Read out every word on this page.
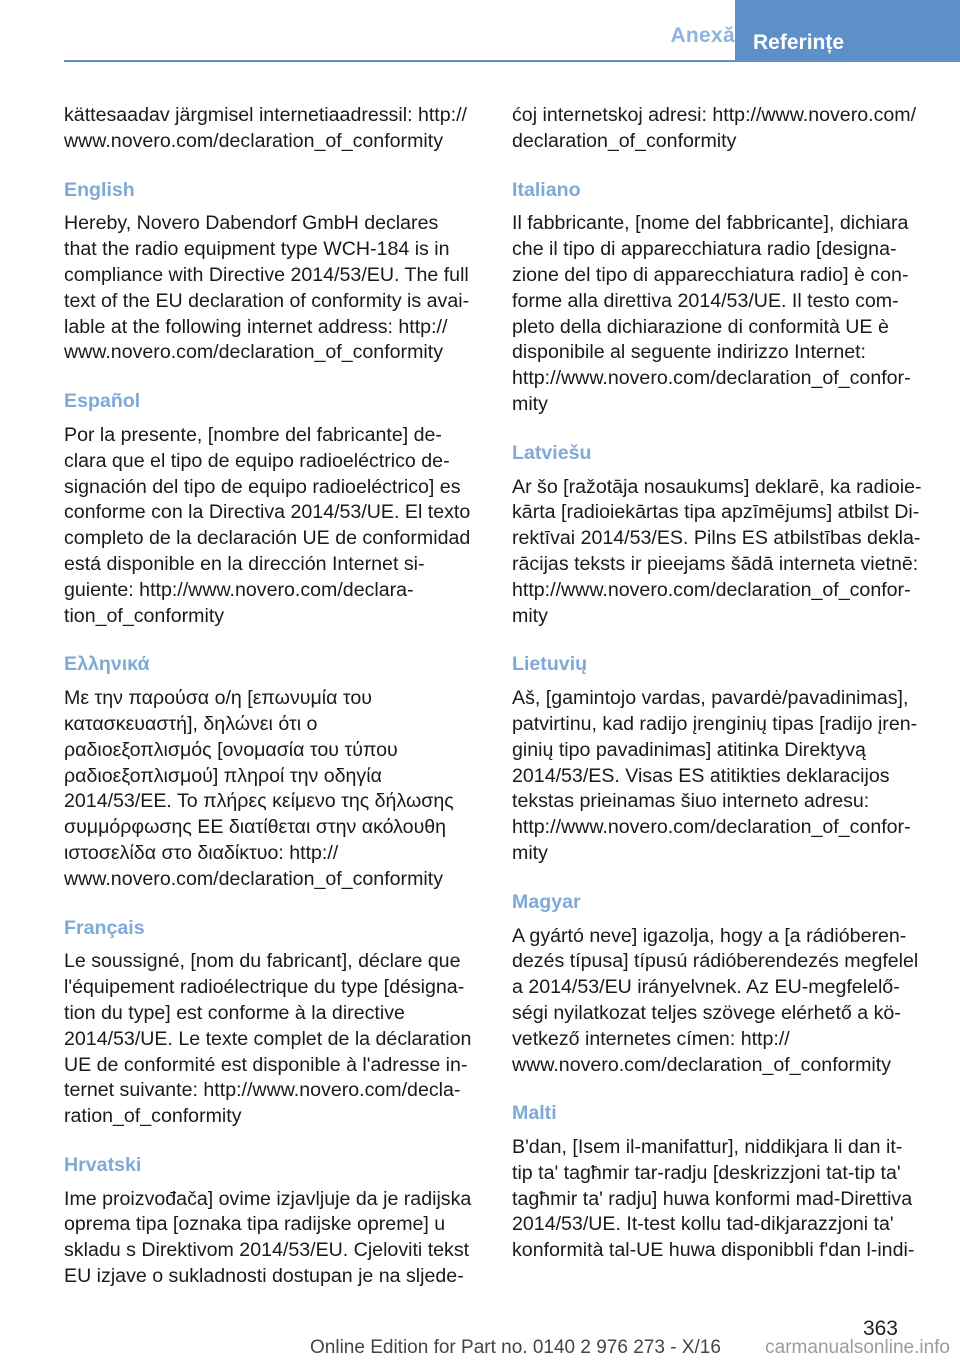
Anexă Referințe

kättesaadav järgmisel internetiaadressil: http://
www.novero.com/declaration_of_conformity

English

Hereby, Novero Dabendorf GmbH declares
that the radio equipment type WCH-184 is in
compliance with Directive 2014/53/EU. The full
text of the EU declaration of conformity is avai-
lable at the following internet address: http://
www.novero.com/declaration_of_conformity

Español

Por la presente, [nombre del fabricante] de-
clara que el tipo de equipo radioeléctrico de-
signación del tipo de equipo radioeléctrico] es
conforme con la Directiva 2014/53/UE. El texto
completo de la declaración UE de conformidad
está disponible en la dirección Internet si-
guiente: http://www.novero.com/declara-
tion_of_conformity

Ελληνικά

Με την παρούσα ο/η [επωνυμία του
κατασκευαστή], δηλώνει ότι ο
ραδιοεξοπλισμός [ονομασία του τύπου
ραδιοεξοπλισμού] πληροί την οδηγία
2014/53/ΕΕ. Το πλήρες κείμενο της δήλωσης
συμμόρφωσης ΕΕ διατίθεται στην ακόλουθη
ιστοσελίδα στο διαδίκτυο: http://
www.novero.com/declaration_of_conformity

Français

Le soussigné, [nom du fabricant], déclare que
l'équipement radioélectrique du type [désigna-
tion du type] est conforme à la directive
2014/53/UE. Le texte complet de la déclaration
UE de conformité est disponible à l'adresse in-
ternet suivante: http://www.novero.com/decla-
ration_of_conformity

Hrvatski

Ime proizvođača] ovime izjavljuje da je radijska
oprema tipa [oznaka tipa radijske opreme] u
skladu s Direktivom 2014/53/EU. Cjeloviti tekst
EU izjave o sukladnosti dostupan je na sljede-

ćoj internetskoj adresi: http://www.novero.com/
declaration_of_conformity

Italiano

Il fabbricante, [nome del fabbricante], dichiara
che il tipo di apparecchiatura radio [designa-
zione del tipo di apparecchiatura radio] è con-
forme alla direttiva 2014/53/UE. Il testo com-
pleto della dichiarazione di conformità UE è
disponibile al seguente indirizzo Internet:
http://www.novero.com/declaration_of_confor-
mity

Latviešu

Ar šo [ražotāja nosaukums] deklarē, ka radioie-
kārta [radioiekārtas tipa apzīmējums] atbilst Di-
rektīvai 2014/53/ES. Pilns ES atbilstības dekla-
rācijas teksts ir pieejams šādā interneta vietnē:
http://www.novero.com/declaration_of_confor-
mity

Lietuvių

Aš, [gamintojo vardas, pavardė/pavadinimas],
patvirtinu, kad radijo įrenginių tipas [radijo įren-
ginių tipo pavadinimas] atitinka Direktyvą
2014/53/ES. Visas ES atitikties deklaracijos
tekstas prieinamas šiuo interneto adresu:
http://www.novero.com/declaration_of_confor-
mity

Magyar

A gyártó neve] igazolja, hogy a [a rádióberen-
dezés típusa] típusú rádióberendezés megfelel
a 2014/53/EU irányelvnek. Az EU-megfelelő-
ségi nyilatkozat teljes szövege elérhető a kö-
vetkező internetes címen: http://
www.novero.com/declaration_of_conformity

Malti

B'dan, [Isem il-manifattur], niddikjara li dan it-
tip ta' tagħmir tar-radju [deskrizzjoni tat-tip ta'
tagħmir ta' radju] huwa konformi mad-Direttiva
2014/53/UE. It-test kollu tad-dikjarazzjoni ta'
konformità tal-UE huwa disponibbli f'dan l-indi-

363
Online Edition for Part no. 0140 2 976 273 - X/16 carmanualsonline.info
